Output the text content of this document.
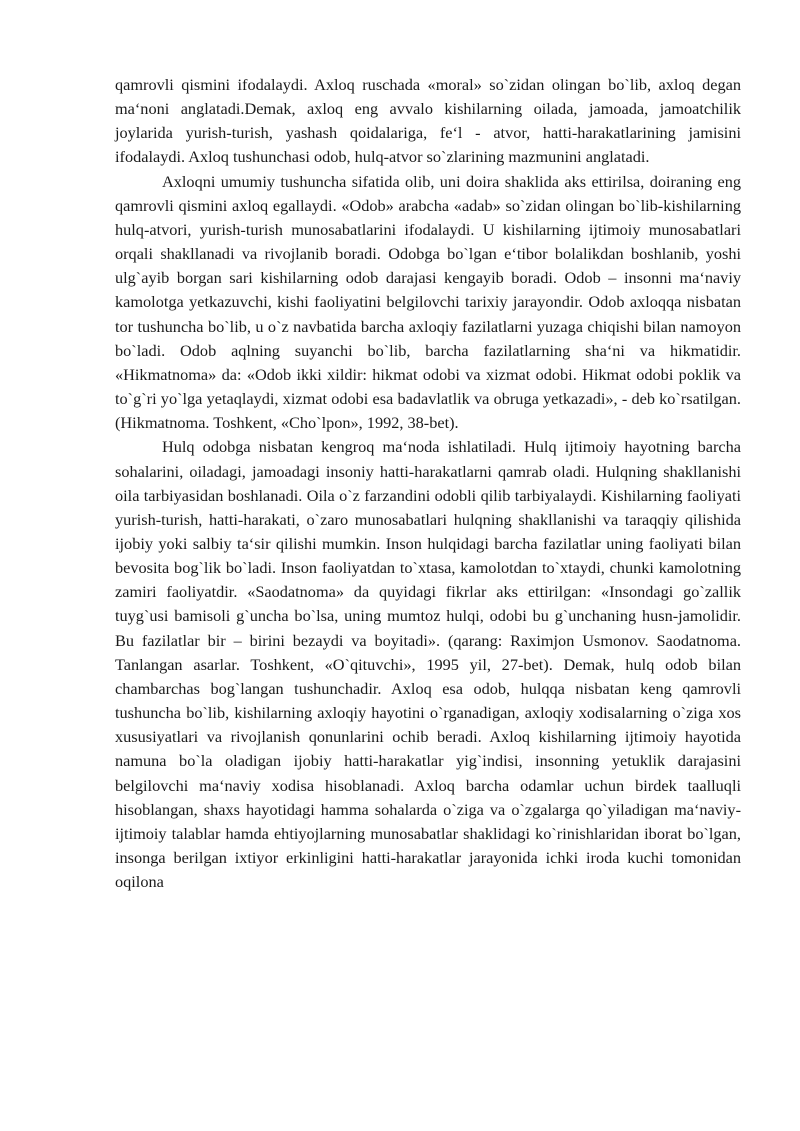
qamrovli qismini ifodalaydi. Axloq ruschada «moral» so`zidan olingan bo`lib, axloq degan ma‘noni anglatadi.Demak, axloq eng avvalo kishilarning oilada, jamoada, jamoatchilik joylarida yurish-turish, yashash qoidalariga, fe‘l - atvor, hatti-harakatlarining jamisini ifodalaydi. Axloq tushunchasi odob, hulq-atvor so`zlarining mazmunini anglatadi.

Axloqni umumiy tushuncha sifatida olib, uni doira shaklida aks ettirilsa, doiraning eng qamrovli qismini axloq egallaydi. «Odob» arabcha «adab» so`zidan olingan bo`lib-kishilarning hulq-atvori, yurish-turish munosabatlarini ifodalaydi. U kishilarning ijtimoiy munosabatlari orqali shakllanadi va rivojlanib boradi. Odobga bo`lgan e‘tibor bolalikdan boshlanib, yoshi ulg`ayib borgan sari kishilarning odob darajasi kengayib boradi. Odob – insonni ma‘naviy kamolotga yetkazuvchi, kishi faoliyatini belgilovchi tarixiy jarayondir. Odob axloqqa nisbatan tor tushuncha bo`lib, u o`z navbatida barcha axloqiy fazilatlarni yuzaga chiqishi bilan namoyon bo`ladi. Odob aqlning suyanchi bo`lib, barcha fazilatlarning sha‘ni va hikmatidir. «Hikmatnoma» da: «Odob ikki xildir: hikmat odobi va xizmat odobi. Hikmat odobi poklik va to`g`ri yo`lga yetaqlaydi, xizmat odobi esa badavlatlik va obruga yetkazadi», - deb ko`rsatilgan. (Hikmatnoma. Toshkent, «Cho`lpon», 1992, 38-bet).

Hulq odobga nisbatan kengroq ma‘noda ishlatiladi. Hulq ijtimoiy hayotning barcha sohalarini, oiladagi, jamoadagi insoniy hatti-harakatlarni qamrab oladi. Hulqning shakllanishi oila tarbiyasidan boshlanadi. Oila o`z farzandini odobli qilib tarbiyalaydi. Kishilarning faoliyati yurish-turish, hatti-harakati, o`zaro munosabatlari hulqning shakllanishi va taraqqiy qilishida ijobiy yoki salbiy ta‘sir qilishi mumkin. Inson hulqidagi barcha fazilatlar uning faoliyati bilan bevosita bog`lik bo`ladi. Inson faoliyatdan to`xtasa, kamolotdan to`xtaydi, chunki kamolotning zamiri faoliyatdir. «Saodatnoma» da quyidagi fikrlar aks ettirilgan: «Insondagi go`zallik tuyg`usi bamisoli g`uncha bo`lsa, uning mumtoz hulqi, odobi bu g`unchaning husn-jamolidir. Bu fazilatlar bir – birini bezaydi va boyitadi». (qarang: Raximjon Usmonov. Saodatnoma. Tanlangan asarlar. Toshkent, «O`qituvchi», 1995 yil, 27-bet). Demak, hulq odob bilan chambarchas bog`langan tushunchadir. Axloq esa odob, hulqqa nisbatan keng qamrovli tushuncha bo`lib, kishilarning axloqiy hayotini o`rganadigan, axloqiy xodisalarning o`ziga xos xususiyatlari va rivojlanish qonunlarini ochib beradi. Axloq kishilarning ijtimoiy hayotida namuna bo`la oladigan ijobiy hatti-harakatlar yig`indisi, insonning yetuklik darajasini belgilovchi ma‘naviy xodisa hisoblanadi. Axloq barcha odamlar uchun birdek taalluqli hisoblangan, shaxs hayotidagi hamma sohalarda o`ziga va o`zgalarga qo`yiladigan ma‘naviy-ijtimoiy talablar hamda ehtiyojlarning munosabatlar shaklidagi ko`rinishlaridan iborat bo`lgan, insonga berilgan ixtiyor erkinligini hatti-harakatlar jarayonida ichki iroda kuchi tomonidan oqilona
